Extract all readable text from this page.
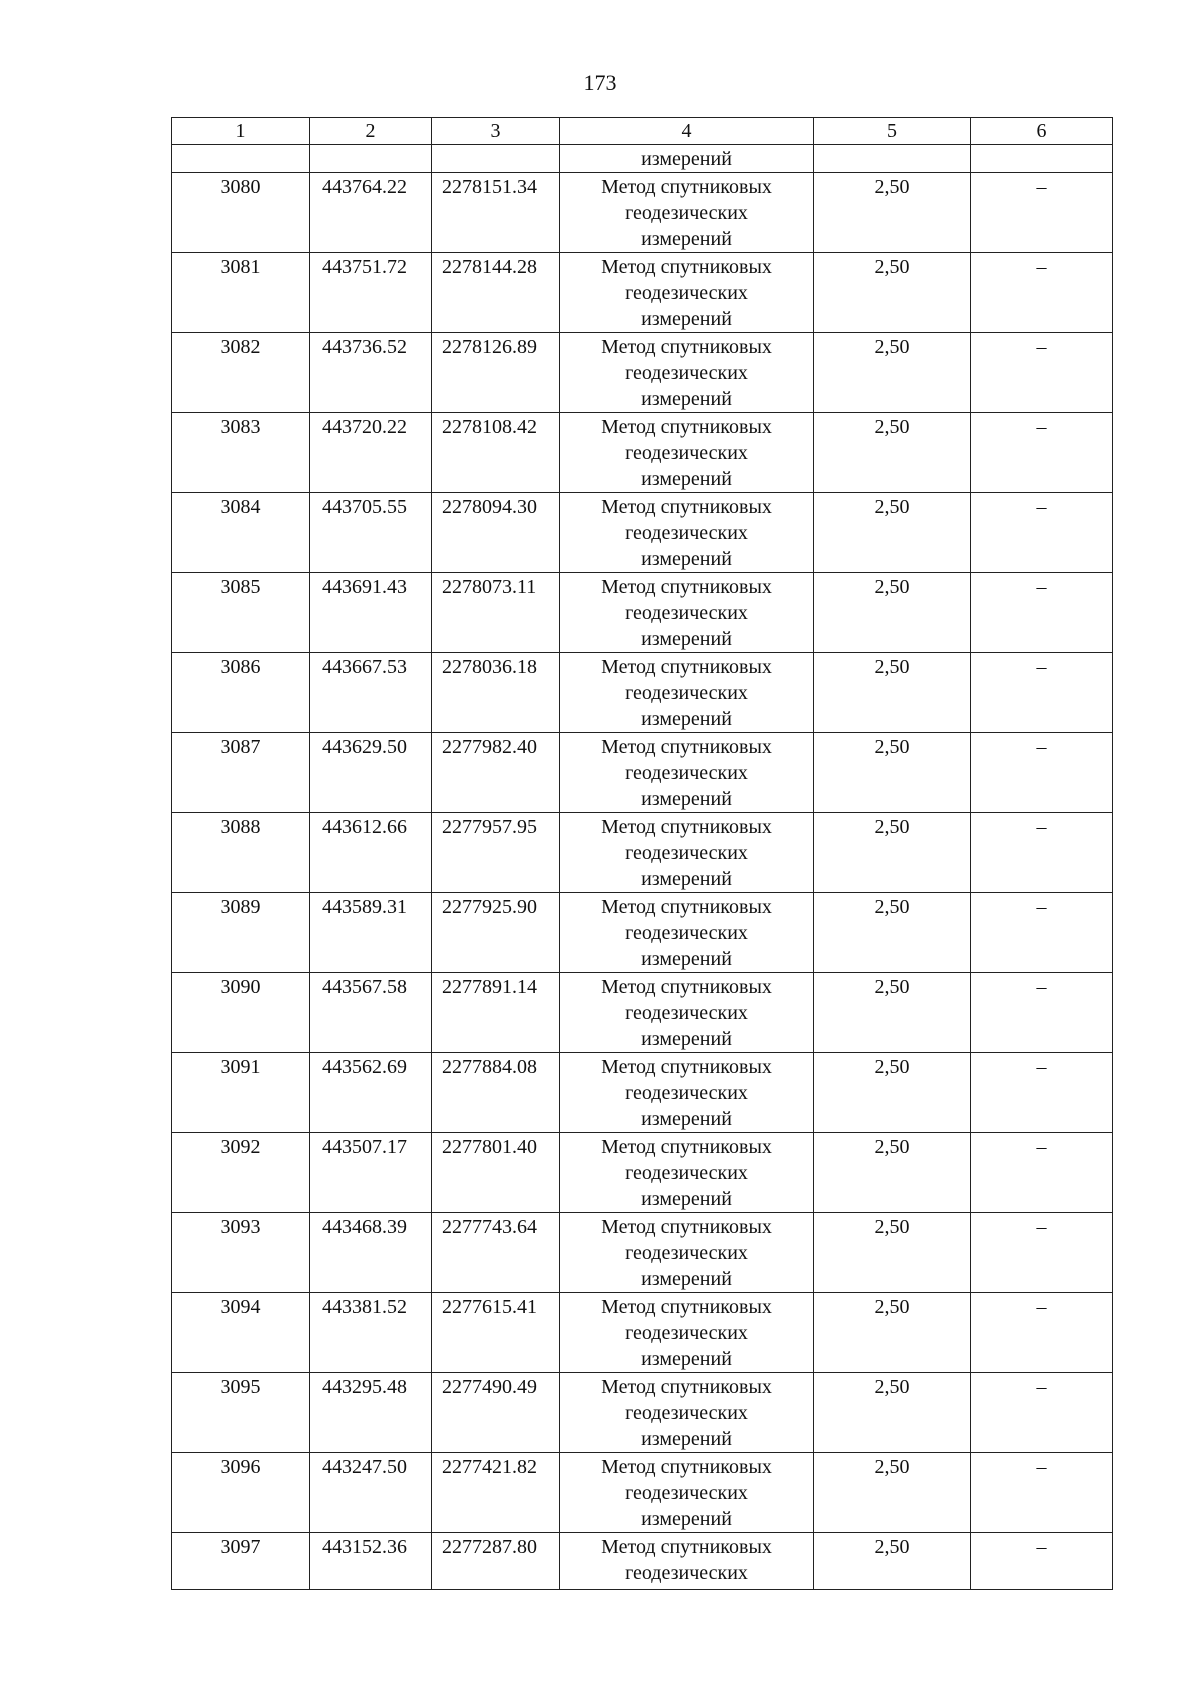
173
1	2	3	4	5	6
			измерений		
3080	443764.22	2278151.34	Метод спутниковых
геодезических
измерений	2,50	–
3081	443751.72	2278144.28	Метод спутниковых
геодезических
измерений	2,50	–
3082	443736.52	2278126.89	Метод спутниковых
геодезических
измерений	2,50	–
3083	443720.22	2278108.42	Метод спутниковых
геодезических
измерений	2,50	–
3084	443705.55	2278094.30	Метод спутниковых
геодезических
измерений	2,50	–
3085	443691.43	2278073.11	Метод спутниковых
геодезических
измерений	2,50	–
3086	443667.53	2278036.18	Метод спутниковых
геодезических
измерений	2,50	–
3087	443629.50	2277982.40	Метод спутниковых
геодезических
измерений	2,50	–
3088	443612.66	2277957.95	Метод спутниковых
геодезических
измерений	2,50	–
3089	443589.31	2277925.90	Метод спутниковых
геодезических
измерений	2,50	–
3090	443567.58	2277891.14	Метод спутниковых
геодезических
измерений	2,50	–
3091	443562.69	2277884.08	Метод спутниковых
геодезических
измерений	2,50	–
3092	443507.17	2277801.40	Метод спутниковых
геодезических
измерений	2,50	–
3093	443468.39	2277743.64	Метод спутниковых
геодезических
измерений	2,50	–
3094	443381.52	2277615.41	Метод спутниковых
геодезических
измерений	2,50	–
3095	443295.48	2277490.49	Метод спутниковых
геодезических
измерений	2,50	–
3096	443247.50	2277421.82	Метод спутниковых
геодезических
измерений	2,50	–
3097	443152.36	2277287.80	Метод спутниковых
геодезических	2,50	–
